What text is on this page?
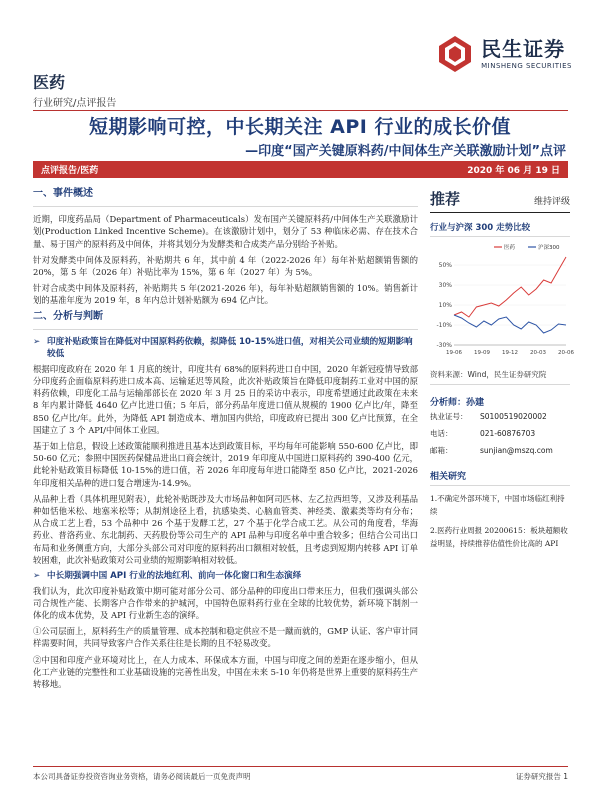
民生证券
MINSHENG SECURITIES
医药
行业研究/点评报告
短期影响可控，中长期关注 API 行业的成长价值
—印度“国产关键原料药/中间体生产关联激励计划”点评
点评报告/医药	2020 年 06 月 19 日
一、事件概述

近期，印度药品局（Department of Pharmaceuticals）发布国产关键原料药/中间体生产关联激励计划(Production Linked Incentive Scheme)。在该激励计划中，划分了 53 种临床必需、存在技术合量、易于国产的原料药及中间体，并将其划分为发酵类和合成类产品分别给予补贴。

针对发酵类中间体及原料药，补贴期共 6 年，其中前 4 年（2022-2026 年）每年补贴超额销售额的 20%，第 5 年（2026 年）补贴比率为 15%，第 6 年（2027 年）为 5%。

针对合成类中间体及原料药，补贴期共 5 年(2021-2026 年)，每年补贴超额销售额的 10%。销售新计划的基准年度为 2019 年，8 年内总计划补贴额为 694 亿卢比。

二、分析与判断
➢ 印度补贴政策旨在降低对中国原料药依赖，拟降低 10-15%进口值，对相关公司业绩的短期影响较低

根据印度政府在 2020 年 1 月底的统计，印度共有 68%的原料药进口自中国，2020 年新冠疫情导致部分印度药企面临原料药进口成本高、运输延迟等风险，此次补贴政策旨在降低印度制药工业对中国的原料药依赖，印度化工品与运输部部长在 2020 年 3 月 25 日的采访中表示，印度希望通过此政策在未来 8 年内累计降低 4640 亿卢比进口值；5 年后，部分药品年度进口值从规模的 1900 亿卢比/年，降至 850 亿卢比/年。此外，为降低 API 制造成本、增加国内供给，印度政府已提出 300 亿卢比预算，在全国建立了 3 个 API/中间体工业园。

基于如上信息，假设上述政策能顺利推进且基本达到政策目标，平均每年可能影响 550-600 亿卢比，即 50-60 亿元；参照中国医药保健品进出口商会统计，2019 年印度从中国进口原料药约 390-400 亿元，此轮补贴政策目标降低 10-15%的进口值，若 2026 年印度每年进口能降至 850 亿卢比，2021-2026 年印度相关品种的进口复合增速为-14.9%。

从品种上看（具体机理见附表），此轮补贴既涉及大市场品种如阿司匹林、左乙拉西坦等，又涉及利基品种如恬他米松、地塞米松等；从制剂途径上看，抗感染类、心脑血管类、神经类、激素类等均有分布；从合成工艺上看，53 个品种中 26 个基于发酵工艺，27 个基于化学合成工艺。从公司的角度看，华海药业、普洛药业、东北制药、天药股份等公司生产的 API 品种与印度名单中重合较多；但结合公司出口布局和业务侧重方向，大部分头部公司对印度的原料药出口额相对较低，且考虑到短期内转移 API 订单较困难，此次补贴政策对公司业绩的短期影响相对较低。

➢ 中长期强调中国 API 行业的法地红利、前向一体化窗口和生态演绎

我们认为，此次印度补贴政策中期可能对部分公司、部分品种的印度出口带来压力，但我们强调头部公司合规性产能、长期客户合作带来的护城河，中国特色原料药行业在全球的比较优势，新环境下制剂一体化的成本优势，及 API 行业新生态的演绎。

①公司层面上，原料药生产的质量管理、成本控制和稳定供应不是一蹴而就的，GMP 认证、客户审计同样需要时间，共同导致客户合作关系往往是长期的且不轻易改变。

②中国和印度产业环境对比上，在人力成本、环保成本方面，中国与印度之间的差距在逐步缩小，但从化工产业链的完整性和工业基础设施的完善性出发，中国在未来 5-10 年仍将是世界上重要的原料药生产转移地。

推荐	维持评级
行业与沪深 300 走势比较
-30%
-10%
10%
30%
50%
19-06 19-09 19-12 20-03 20-06
医药	沪深300
资料来源：Wind，民生证券研究院
分析师：孙建
执业证号：	S0100519020002
电话：	021-60876703
邮箱：	sunjian@mszq.com
相关研究
1.不确定外部环境下，中国市场临红利持续
2.医药行业周报 20200615：板块超额收益明显，持续推荐估值性价比高的 API
本公司具备证券投资咨询业务资格，请务必阅读最后一页免责声明	证券研究报告 1
